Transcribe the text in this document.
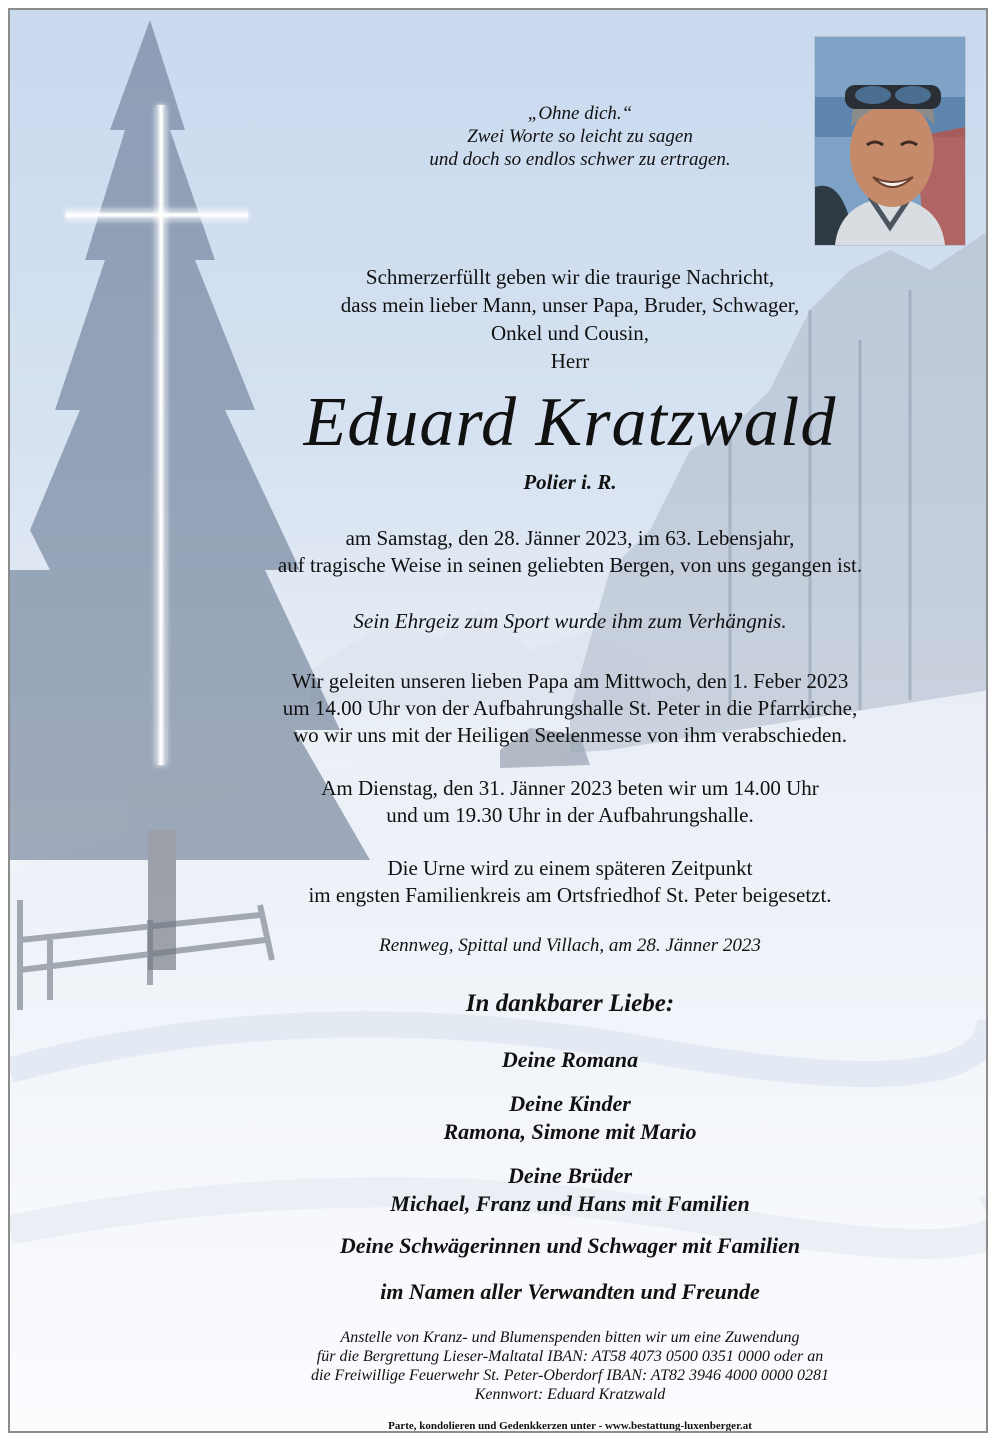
„Ohne dich.“
Zwei Worte so leicht zu sagen
und doch so endlos schwer zu ertragen.
Schmerzerfüllt geben wir die traurige Nachricht,
dass mein lieber Mann, unser Papa, Bruder, Schwager,
Onkel und Cousin,
Herr
Eduard Kratzwald
Polier i. R.
am Samstag, den 28. Jänner 2023, im 63. Lebensjahr,
auf tragische Weise in seinen geliebten Bergen, von uns gegangen ist.
Sein Ehrgeiz zum Sport wurde ihm zum Verhängnis.
Wir geleiten unseren lieben Papa am Mittwoch, den 1. Feber 2023
um 14.00 Uhr von der Aufbahrungshalle St. Peter in die Pfarrkirche,
wo wir uns mit der Heiligen Seelenmesse von ihm verabschieden.
Am Dienstag, den 31. Jänner 2023 beten wir um 14.00 Uhr
und um 19.30 Uhr in der Aufbahrungshalle.
Die Urne wird zu einem späteren Zeitpunkt
im engsten Familienkreis am Ortsfriedhof St. Peter beigesetzt.
Rennweg, Spittal und Villach, am 28. Jänner 2023
In dankbarer Liebe:
Deine Romana
Deine Kinder
Ramona, Simone mit Mario
Deine Brüder
Michael, Franz und Hans mit Familien
Deine Schwägerinnen und Schwager mit Familien
im Namen aller Verwandten und Freunde
Anstelle von Kranz- und Blumenspenden bitten wir um eine Zuwendung
für die Bergrettung Lieser-Maltatal IBAN: AT58 4073 0500 0351 0000 oder an
die Freiwillige Feuerwehr St. Peter-Oberdorf IBAN: AT82 3946 4000 0000 0281
Kennwort: Eduard Kratzwald
Parte, kondolieren und Gedenkkerzen unter - www.bestattung-luxenberger.at
